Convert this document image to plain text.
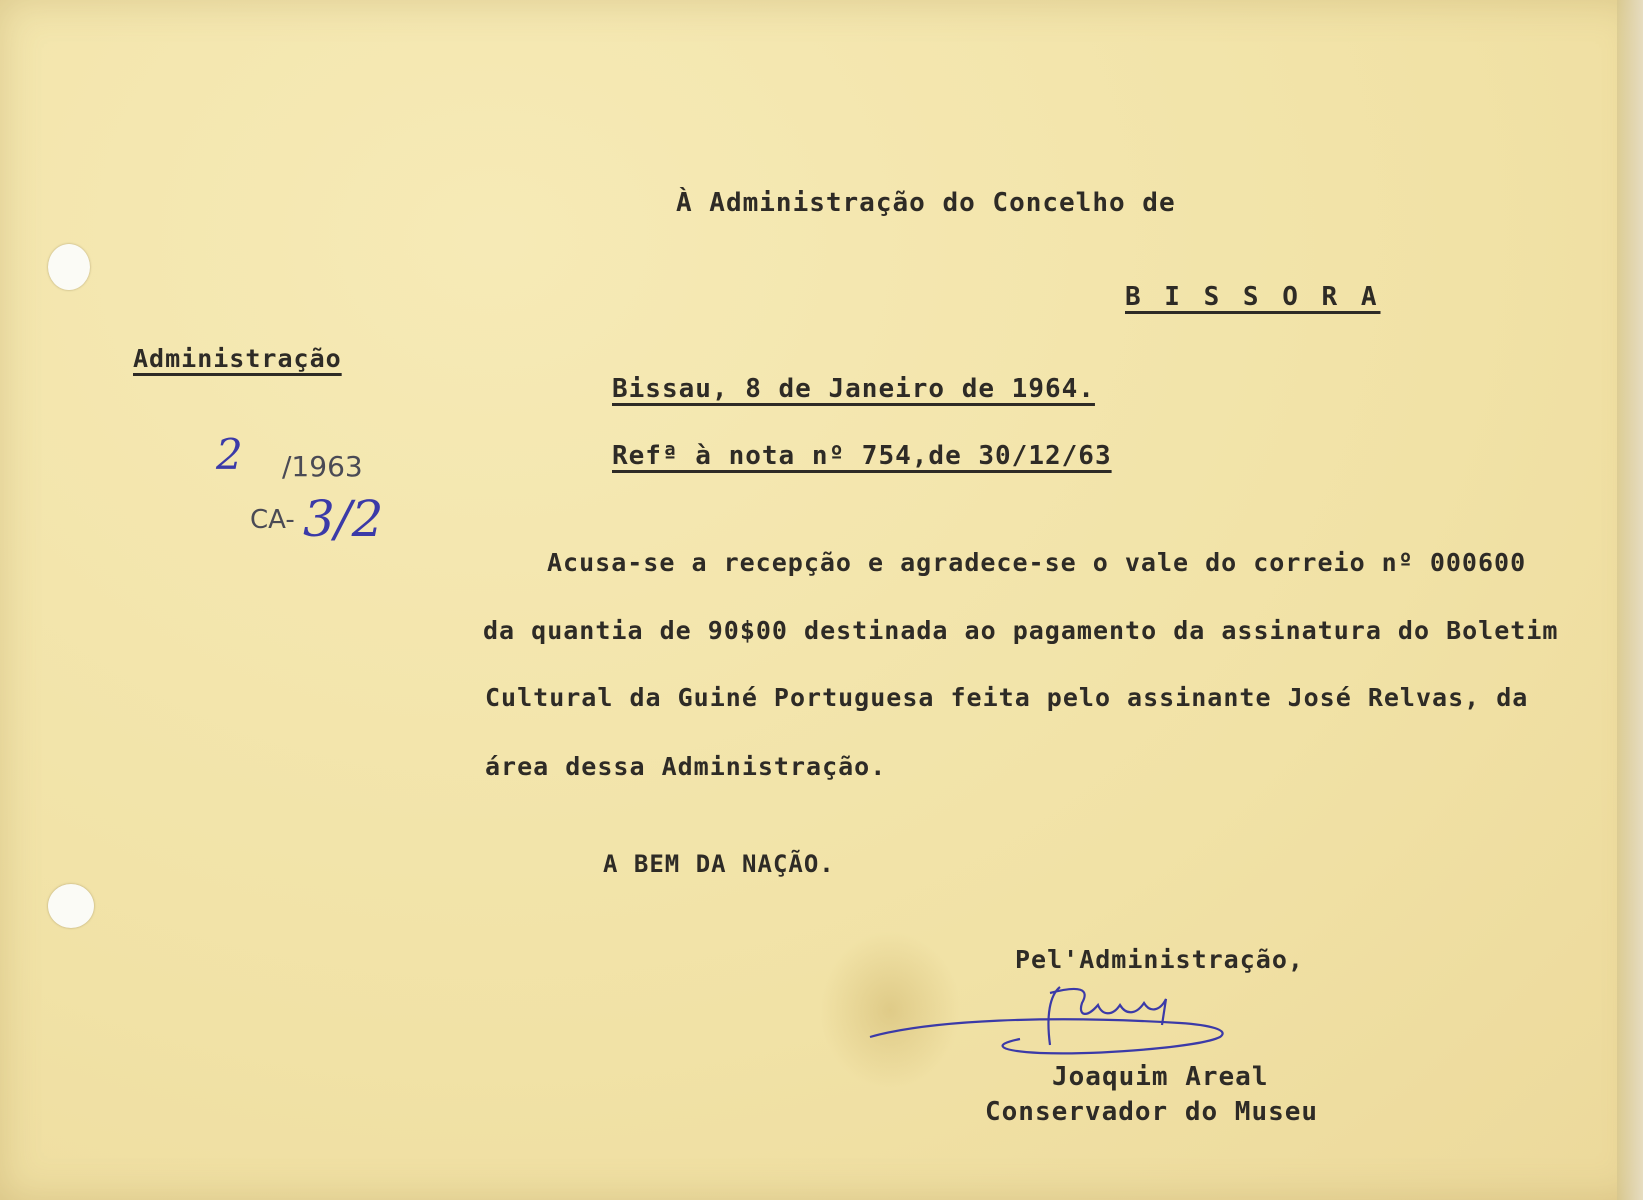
À Administração do Concelho de
B I S S O R A
Administração
2 /1963
CA- 3/2
Bissau, 8 de Janeiro de 1964.
Refª à nota nº 754,de 30/12/63
Acusa-se a recepção e agradece-se o vale do correio nº 000600
da quantia de 90$00 destinada ao pagamento da assinatura do Boletim
Cultural da Guiné Portuguesa feita pelo assinante José Relvas, da
área dessa Administração.
A BEM DA NAÇÃO.
Pel'Administração,
Joaquim Areal
Conservador do Museu
